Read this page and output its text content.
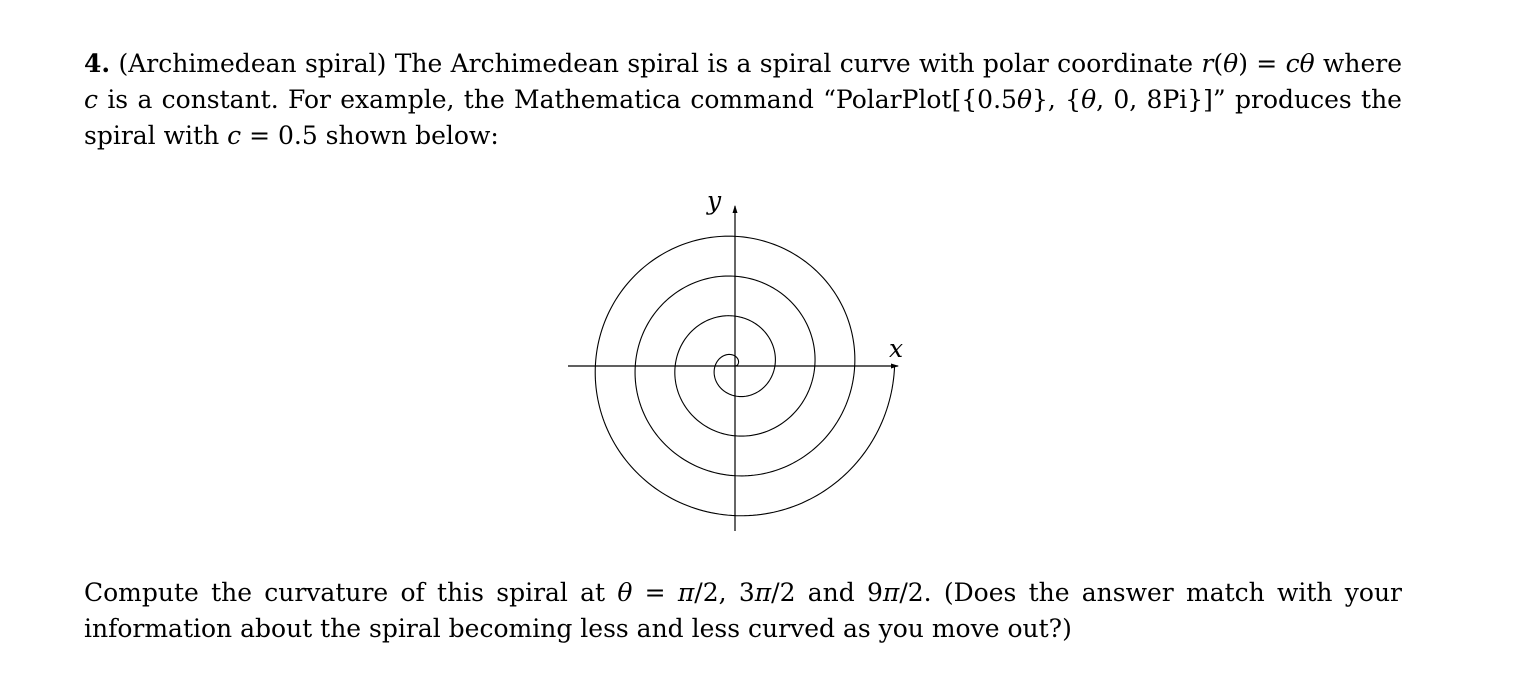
4. (Archimedean spiral) The Archimedean spiral is a spiral curve with polar coordinate r(θ) = cθ where
c is a constant. For example, the Mathematica command “PolarPlot[{0.5θ}, {θ, 0, 8Pi}]” produces the
spiral with c = 0.5 shown below:
x
y
Compute the curvature of this spiral at θ = π/2, 3π/2 and 9π/2. (Does the answer match with your
information about the spiral becoming less and less curved as you move out?)
